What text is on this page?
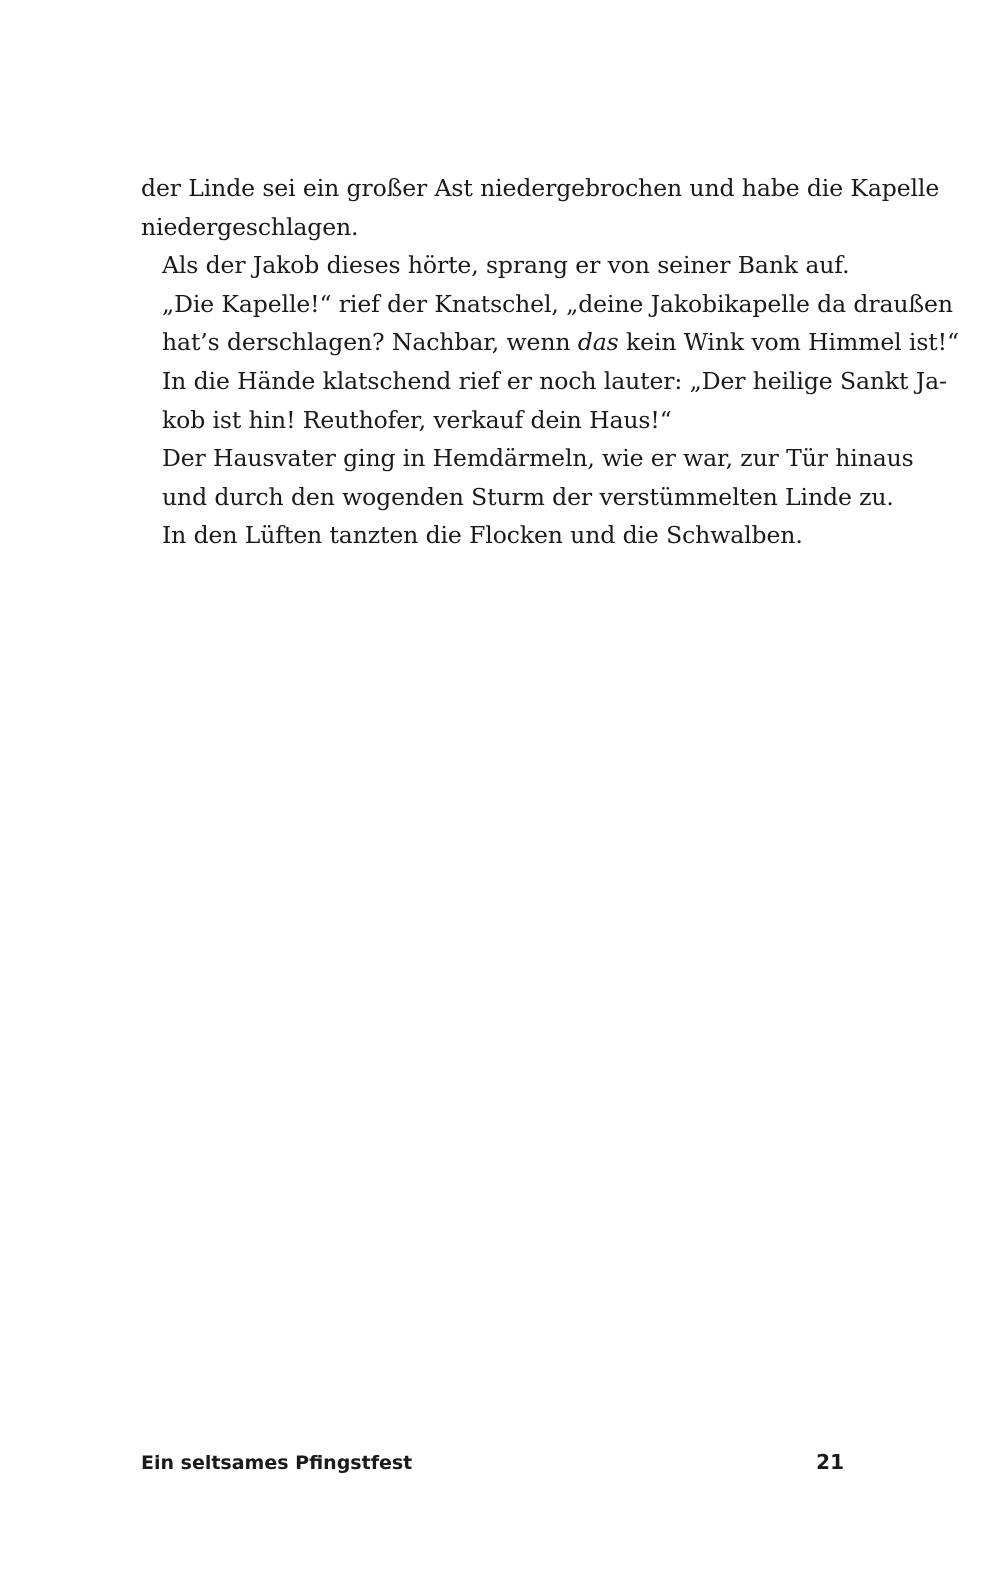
der Linde sei ein großer Ast niedergebrochen und habe die Kapelle
niedergeschlagen.

Als der Jakob dieses hörte, sprang er von seiner Bank auf.

„Die Kapelle!“ rief der Knatschel, „deine Jakobikapelle da draußen
hat’s derschlagen? Nachbar, wenn das kein Wink vom Himmel ist!“
In die Hände klatschend rief er noch lauter: „Der heilige Sankt Ja-
kob ist hin! Reuthofer, verkauf dein Haus!“

Der Hausvater ging in Hemdärmeln, wie er war, zur Tür hinaus
und durch den wogenden Sturm der verstümmelten Linde zu.

In den Lüften tanzten die Flocken und die Schwalben.

Ein seltsames Pfingstfest	21
